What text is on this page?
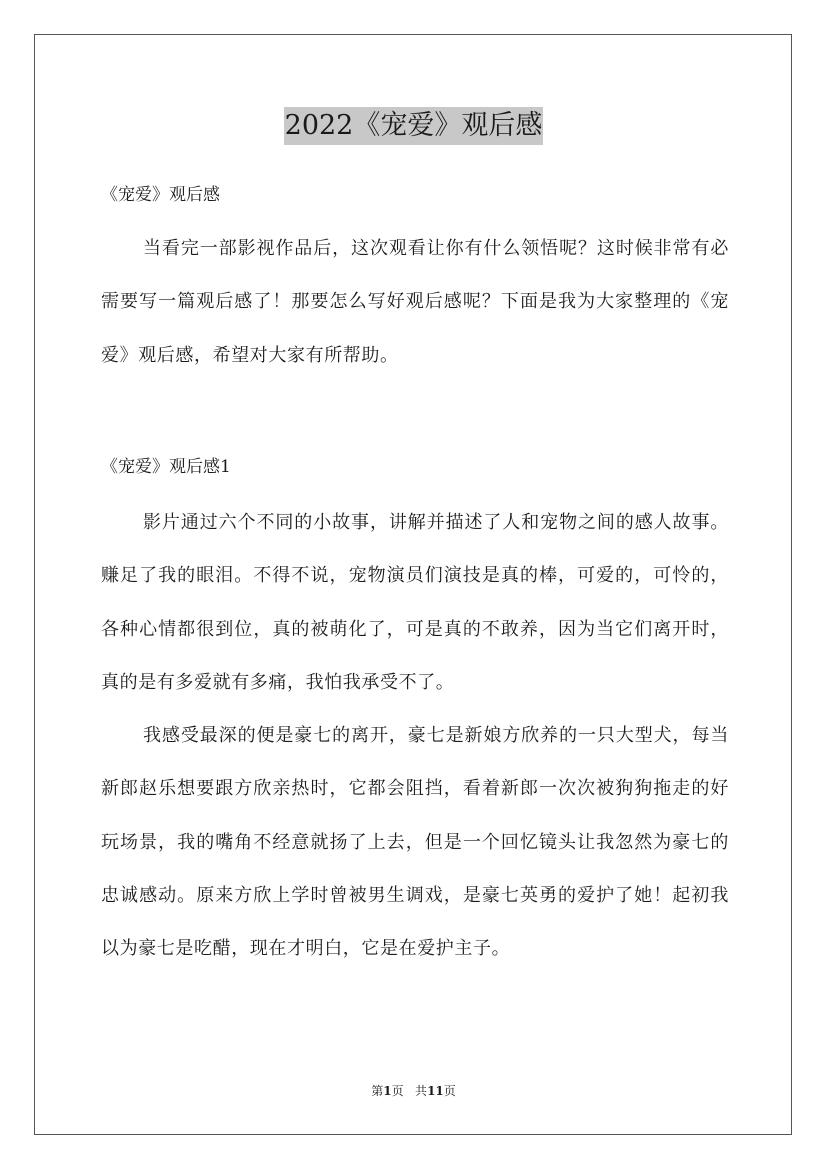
2022《宠爱》观后感

《宠爱》观后感

当看完一部影视作品后，这次观看让你有什么领悟呢？这时候非常有必需要写一篇观后感了！那要怎么写好观后感呢？下面是我为大家整理的《宠爱》观后感，希望对大家有所帮助。

《宠爱》观后感1

影片通过六个不同的小故事，讲解并描述了人和宠物之间的感人故事。赚足了我的眼泪。不得不说，宠物演员们演技是真的棒，可爱的，可怜的，各种心情都很到位，真的被萌化了，可是真的不敢养，因为当它们离开时，真的是有多爱就有多痛，我怕我承受不了。

我感受最深的便是豪七的离开，豪七是新娘方欣养的一只大型犬，每当新郎赵乐想要跟方欣亲热时，它都会阻挡，看着新郎一次次被狗狗拖走的好玩场景，我的嘴角不经意就扬了上去，但是一个回忆镜头让我忽然为豪七的忠诚感动。原来方欣上学时曾被男生调戏，是豪七英勇的爱护了她！起初我以为豪七是吃醋，现在才明白，它是在爱护主子。

第1页 共11页
